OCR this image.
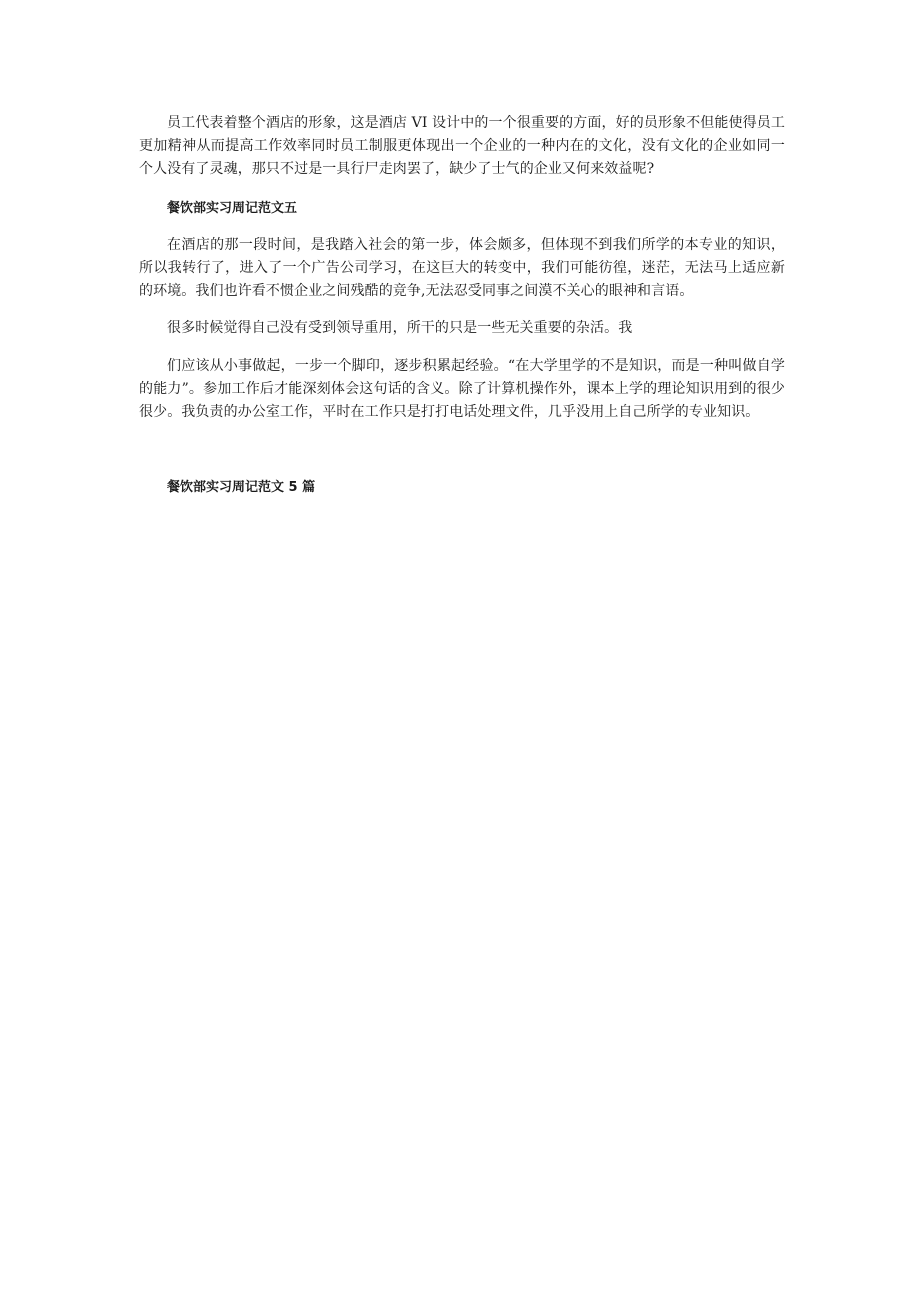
员工代表着整个酒店的形象，这是酒店 VI 设计中的一个很重要的方面，好的员形象不但能使得员工更加精神从而提高工作效率同时员工制服更体现出一个企业的一种内在的文化，没有文化的企业如同一个人没有了灵魂，那只不过是一具行尸走肉罢了，缺少了士气的企业又何来效益呢?

餐饮部实习周记范文五

在酒店的那一段时间，是我踏入社会的第一步，体会颇多，但体现不到我们所学的本专业的知识，所以我转行了，进入了一个广告公司学习，在这巨大的转变中，我们可能彷徨，迷茫，无法马上适应新的环境。我们也许看不惯企业之间残酷的竞争,无法忍受同事之间漠不关心的眼神和言语。

很多时候觉得自己没有受到领导重用，所干的只是一些无关重要的杂活。我

们应该从小事做起，一步一个脚印，逐步积累起经验。“在大学里学的不是知识，而是一种叫做自学的能力”。参加工作后才能深刻体会这句话的含义。除了计算机操作外，课本上学的理论知识用到的很少很少。我负责的办公室工作，平时在工作只是打打电话处理文件，几乎没用上自己所学的专业知识。

餐饮部实习周记范文 5 篇
